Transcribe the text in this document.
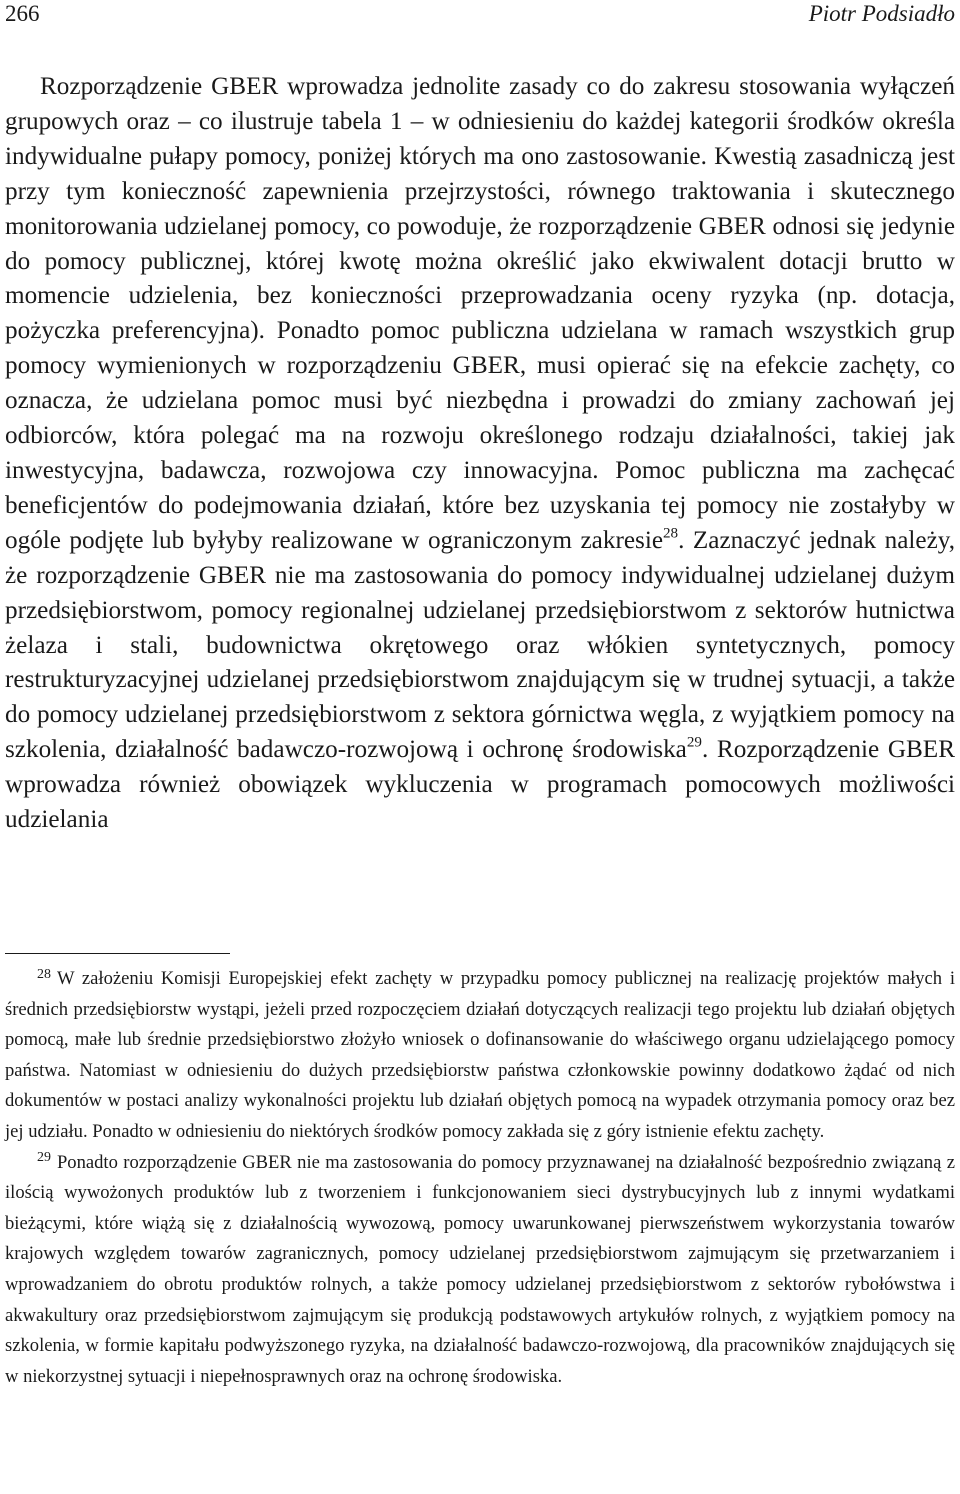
266	Piotr Podsiadło

Rozporządzenie GBER wprowadza jednolite zasady co do zakresu stosowania wyłączeń grupowych oraz – co ilustruje tabela 1 – w odniesieniu do każdej kategorii środków określa indywidualne pułapy pomocy, poniżej których ma ono zastosowanie. Kwestią zasadniczą jest przy tym konieczność zapewnienia przejrzystości, równego traktowania i skutecznego monitorowania udzielanej pomocy, co powoduje, że rozporządzenie GBER odnosi się jedynie do pomocy publicznej, której kwotę można określić jako ekwiwalent dotacji brutto w momencie udzielenia, bez konieczności przeprowadzania oceny ryzyka (np. dotacja, pożyczka preferencyjna). Ponadto pomoc publiczna udzielana w ramach wszystkich grup pomocy wymienionych w rozporządzeniu GBER, musi opierać się na efekcie zachęty, co oznacza, że udzielana pomoc musi być niezbędna i prowadzi do zmiany zachowań jej odbiorców, która polegać ma na rozwoju określonego rodzaju działalności, takiej jak inwestycyjna, badawcza, rozwojowa czy innowacyjna. Pomoc publiczna ma zachęcać beneficjentów do podejmowania działań, które bez uzyskania tej pomocy nie zostałyby w ogóle podjęte lub byłyby realizowane w ograniczonym zakresie$^{28}$. Zaznaczyć jednak należy, że rozporządzenie GBER nie ma zastosowania do pomocy indywidualnej udzielanej dużym przedsiębiorstwom, pomocy regionalnej udzielanej przedsiębiorstwom z sektorów hutnictwa żelaza i stali, budownictwa okrętowego oraz włókien syntetycznych, pomocy restrukturyzacyjnej udzielanej przedsiębiorstwom znajdującym się w trudnej sytuacji, a także do pomocy udzielanej przedsiębiorstwom z sektora górnictwa węgla, z wyjątkiem pomocy na szkolenia, działalność badawczo-rozwojową i ochronę środowiska$^{29}$. Rozporządzenie GBER wprowadza również obowiązek wykluczenia w programach pomocowych możliwości udzielania

28 W założeniu Komisji Europejskiej efekt zachęty w przypadku pomocy publicznej na realizację projektów małych i średnich przedsiębiorstw wystąpi, jeżeli przed rozpoczęciem działań dotyczących realizacji tego projektu lub działań objętych pomocą, małe lub średnie przedsiębiorstwo złożyło wniosek o dofinansowanie do właściwego organu udzielającego pomocy państwa. Natomiast w odniesieniu do dużych przedsiębiorstw państwa członkowskie powinny dodatkowo żądać od nich dokumentów w postaci analizy wykonalności projektu lub działań objętych pomocą na wypadek otrzymania pomocy oraz bez jej udziału. Ponadto w odniesieniu do niektórych środków pomocy zakłada się z góry istnienie efektu zachęty.

29 Ponadto rozporządzenie GBER nie ma zastosowania do pomocy przyznawanej na działalność bezpośrednio związaną z ilością wywożonych produktów lub z tworzeniem i funkcjonowaniem sieci dystrybucyjnych lub z innymi wydatkami bieżącymi, które wiążą się z działalnością wywozową, pomocy uwarunkowanej pierwszeństwem wykorzystania towarów krajowych względem towarów zagranicznych, pomocy udzielanej przedsiębiorstwom zajmującym się przetwarzaniem i wprowadzaniem do obrotu produktów rolnych, a także pomocy udzielanej przedsiębiorstwom z sektorów rybołówstwa i akwakultury oraz przedsiębiorstwom zajmującym się produkcją podstawowych artykułów rolnych, z wyjątkiem pomocy na szkolenia, w formie kapitału podwyższonego ryzyka, na działalność badawczo-rozwojową, dla pracowników znajdujących się w niekorzystnej sytuacji i niepełnosprawnych oraz na ochronę środowiska.
